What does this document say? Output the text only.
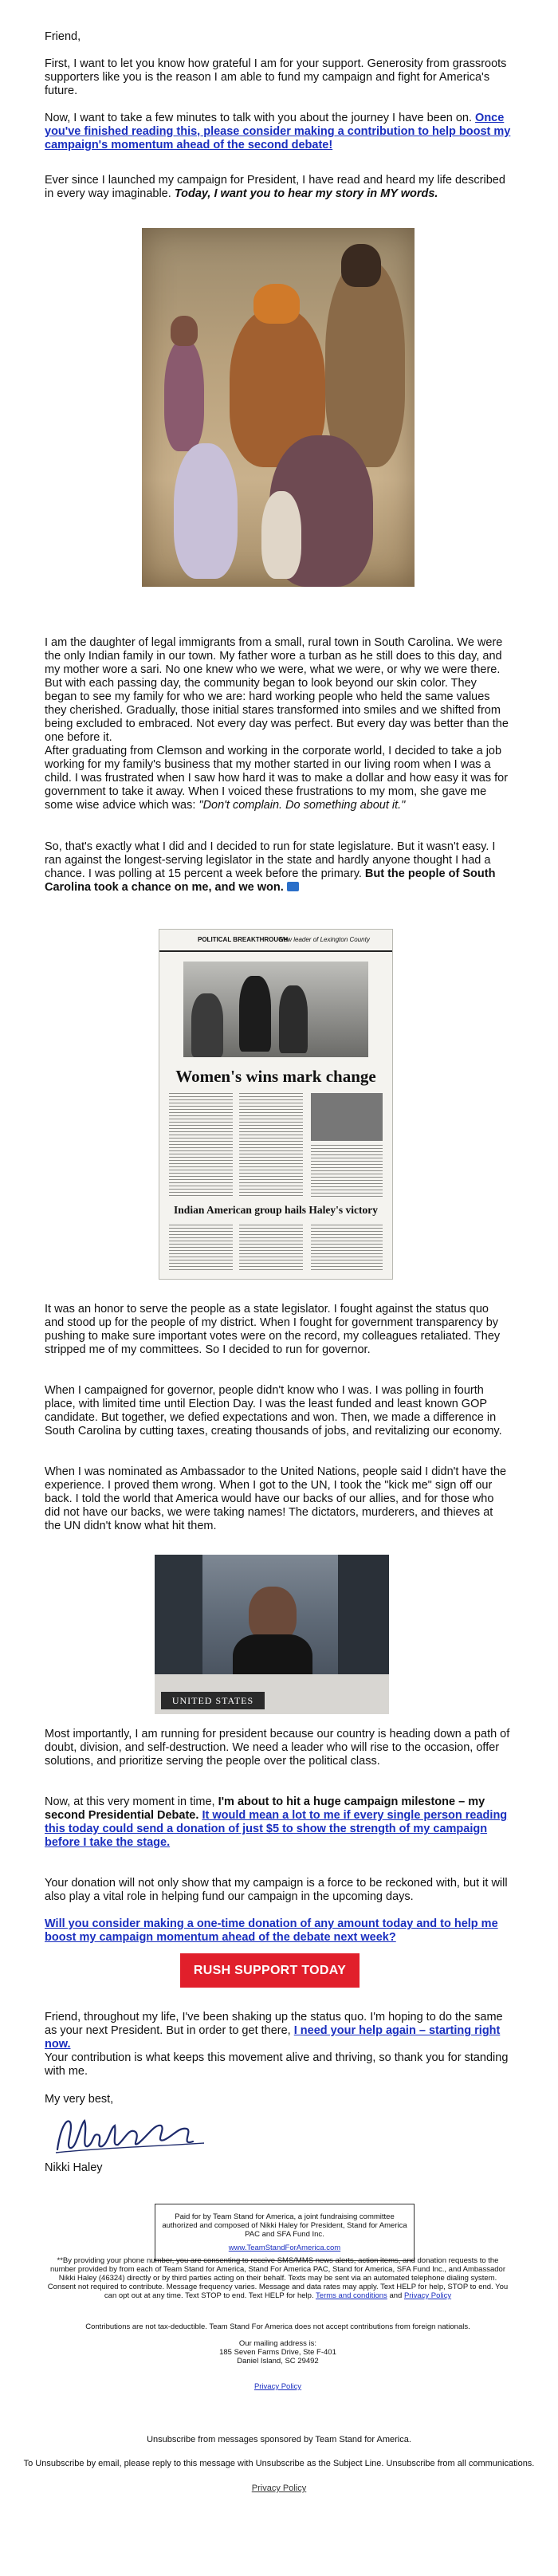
Friend,

First, I want to let you know how grateful I am for your support. Generosity from grassroots supporters like you is the reason I am able to fund my campaign and fight for America's future.

Now, I want to take a few minutes to talk with you about the journey I have been on. Once you've finished reading this, please consider making a contribution to help boost my campaign's momentum ahead of the second debate!

Ever since I launched my campaign for President, I have read and heard my life described in every way imaginable. Today, I want you to hear my story in MY words.

I am the daughter of legal immigrants from a small, rural town in South Carolina. We were the only Indian family in our town. My father wore a turban as he still does to this day, and my mother wore a sari. No one knew who we were, what we were, or why we were there. But with each passing day, the community began to look beyond our skin color. They began to see my family for who we are: hard working people who held the same values they cherished. Gradually, those initial stares transformed into smiles and we shifted from being excluded to embraced. Not every day was perfect. But every day was better than the one before it.

After graduating from Clemson and working in the corporate world, I decided to take a job working for my family's business that my mother started in our living room when I was a child. I was frustrated when I saw how hard it was to make a dollar and how easy it was for government to take it away. When I voiced these frustrations to my mom, she gave me some wise advice which was: "Don't complain. Do something about it."

So, that's exactly what I did and I decided to run for state legislature. But it wasn't easy. I ran against the longest-serving legislator in the state and hardly anyone thought I had a chance. I was polling at 15 percent a week before the primary. But the people of South Carolina took a chance on me, and we won.

POLITICAL BREAKTHROUGH
New leader of Lexington County
Women's wins mark change
Indian American group hails Haley's victory

It was an honor to serve the people as a state legislator. I fought against the status quo and stood up for the people of my district. When I fought for government transparency by pushing to make sure important votes were on the record, my colleagues retaliated. They stripped me of my committees. So I decided to run for governor.

When I campaigned for governor, people didn't know who I was. I was polling in fourth place, with limited time until Election Day. I was the least funded and least known GOP candidate. But together, we defied expectations and won. Then, we made a difference in South Carolina by cutting taxes, creating thousands of jobs, and revitalizing our economy.

When I was nominated as Ambassador to the United Nations, people said I didn't have the experience. I proved them wrong. When I got to the UN, I took the "kick me" sign off our back. I told the world that America would have our backs of our allies, and for those who did not have our backs, we were taking names! The dictators, murderers, and thieves at the UN didn't know what hit them.

UNITED STATES

Most importantly, I am running for president because our country is heading down a path of doubt, division, and self-destruction. We need a leader who will rise to the occasion, offer solutions, and prioritize serving the people over the political class.

Now, at this very moment in time, I'm about to hit a huge campaign milestone – my second Presidential Debate. It would mean a lot to me if every single person reading this today could send a donation of just $5 to show the strength of my campaign before I take the stage.

Your donation will not only show that my campaign is a force to be reckoned with, but it will also play a vital role in helping fund our campaign in the upcoming days.

Will you consider making a one-time donation of any amount today and to help me boost my campaign momentum ahead of the debate next week?

RUSH SUPPORT TODAY

Friend, throughout my life, I've been shaking up the status quo. I'm hoping to do the same as your next President. But in order to get there, I need your help again – starting right now.

Your contribution is what keeps this movement alive and thriving, so thank you for standing with me.

My very best,

Nikki Haley

Paid for by Team Stand for America, a joint fundraising committee authorized and composed of Nikki Haley for President, Stand for America PAC and SFA Fund Inc.
www.TeamStandForAmerica.com
**By providing your phone number, you are consenting to receive SMS/MMS news alerts, action items, and donation requests to the number provided by from each of Team Stand for America, Stand For America PAC, Stand for America, SFA Fund Inc., and Ambassador Nikki Haley (46324) directly or by third parties acting on their behalf. Texts may be sent via an automated telephone dialing system. Consent not required to contribute. Message frequency varies. Message and data rates may apply. Text HELP for help, STOP to end. You can opt out at any time. Text STOP to end. Text HELP for help. Terms and conditions and Privacy Policy
Contributions are not tax-deductible. Team Stand For America does not accept contributions from foreign nationals.
Our mailing address is:
185 Seven Farms Drive, Ste F-401
Daniel Island, SC 29492
Privacy Policy
Unsubscribe from messages sponsored by Team Stand for America.
To Unsubscribe by email, please reply to this message with Unsubscribe as the Subject Line. Unsubscribe from all communications.
Privacy Policy
